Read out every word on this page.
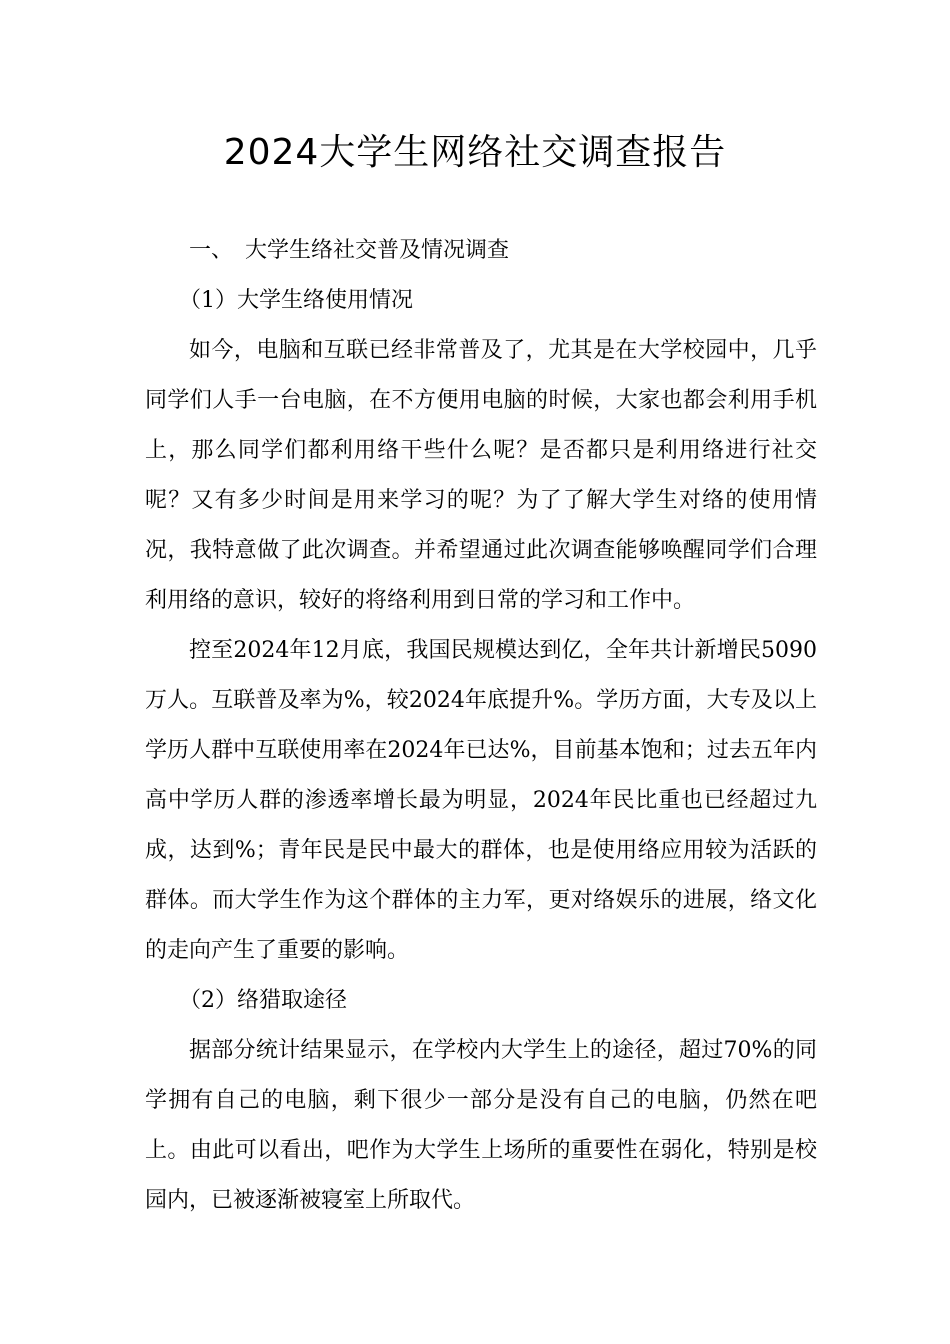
2024大学生网络社交调查报告

一、 大学生络社交普及情况调查

（1）大学生络使用情况

如今，电脑和互联已经非常普及了，尤其是在大学校园中，几乎同学们人手一台电脑，在不方便用电脑的时候，大家也都会利用手机上，那么同学们都利用络干些什么呢？是否都只是利用络进行社交呢？又有多少时间是用来学习的呢？为了了解大学生对络的使用情况，我特意做了此次调查。并希望通过此次调查能够唤醒同学们合理利用络的意识，较好的将络利用到日常的学习和工作中。

控至2024年12月底，我国民规模达到亿，全年共计新增民5090万人。互联普及率为%，较2024年底提升%。学历方面，大专及以上学历人群中互联使用率在2024年已达%，目前基本饱和；过去五年内高中学历人群的渗透率增长最为明显，2024年民比重也已经超过九成，达到%；青年民是民中最大的群体，也是使用络应用较为活跃的群体。而大学生作为这个群体的主力军，更对络娱乐的进展，络文化的走向产生了重要的影响。

（2）络猎取途径

据部分统计结果显示，在学校内大学生上的途径，超过70%的同学拥有自己的电脑，剩下很少一部分是没有自己的电脑，仍然在吧上。由此可以看出，吧作为大学生上场所的重要性在弱化，特别是校园内，已被逐渐被寝室上所取代。
